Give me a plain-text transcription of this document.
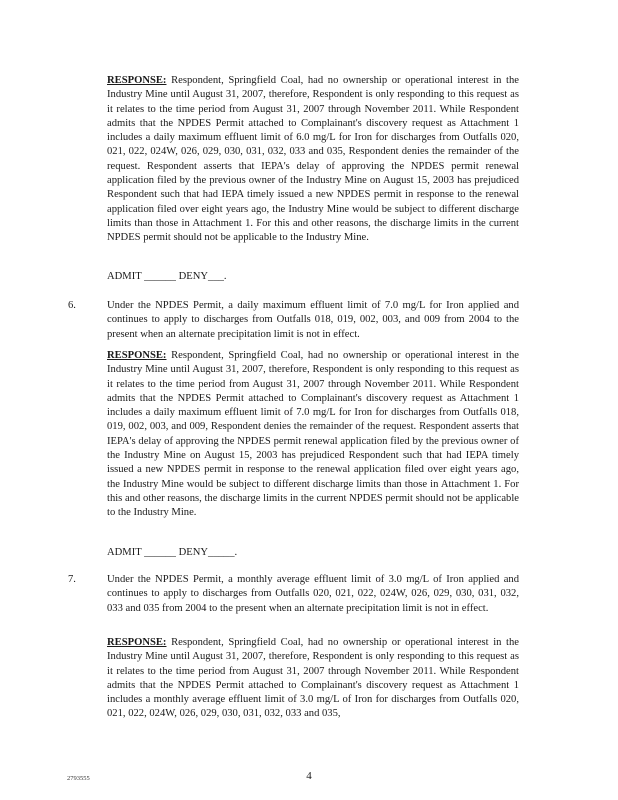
RESPONSE: Respondent, Springfield Coal, had no ownership or operational interest in the Industry Mine until August 31, 2007, therefore, Respondent is only responding to this request as it relates to the time period from August 31, 2007 through November 2011. While Respondent admits that the NPDES Permit attached to Complainant's discovery request as Attachment 1 includes a daily maximum effluent limit of 6.0 mg/L for Iron for discharges from Outfalls 020, 021, 022, 024W, 026, 029, 030, 031, 032, 033 and 035, Respondent denies the remainder of the request. Respondent asserts that IEPA's delay of approving the NPDES permit renewal application filed by the previous owner of the Industry Mine on August 15, 2003 has prejudiced Respondent such that had IEPA timely issued a new NPDES permit in response to the renewal application filed over eight years ago, the Industry Mine would be subject to different discharge limits than those in Attachment 1. For this and other reasons, the discharge limits in the current NPDES permit should not be applicable to the Industry Mine.
ADMIT ______ DENY___.
6.	Under the NPDES Permit, a daily maximum effluent limit of 7.0 mg/L for Iron applied and continues to apply to discharges from Outfalls 018, 019, 002, 003, and 009 from 2004 to the present when an alternate precipitation limit is not in effect.
RESPONSE: Respondent, Springfield Coal, had no ownership or operational interest in the Industry Mine until August 31, 2007, therefore, Respondent is only responding to this request as it relates to the time period from August 31, 2007 through November 2011. While Respondent admits that the NPDES Permit attached to Complainant's discovery request as Attachment 1 includes a daily maximum effluent limit of 7.0 mg/L for Iron for discharges from Outfalls 018, 019, 002, 003, and 009, Respondent denies the remainder of the request. Respondent asserts that IEPA's delay of approving the NPDES permit renewal application filed by the previous owner of the Industry Mine on August 15, 2003 has prejudiced Respondent such that had IEPA timely issued a new NPDES permit in response to the renewal application filed over eight years ago, the Industry Mine would be subject to different discharge limits than those in Attachment 1. For this and other reasons, the discharge limits in the current NPDES permit should not be applicable to the Industry Mine.
ADMIT ______ DENY_____.
7.	Under the NPDES Permit, a monthly average effluent limit of 3.0 mg/L of Iron applied and continues to apply to discharges from Outfalls 020, 021, 022, 024W, 026, 029, 030, 031, 032, 033 and 035 from 2004 to the present when an alternate precipitation limit is not in effect.
RESPONSE: Respondent, Springfield Coal, had no ownership or operational interest in the Industry Mine until August 31, 2007, therefore, Respondent is only responding to this request as it relates to the time period from August 31, 2007 through November 2011. While Respondent admits that the NPDES Permit attached to Complainant's discovery request as Attachment 1 includes a monthly average effluent limit of 3.0 mg/L of Iron for discharges from Outfalls 020, 021, 022, 024W, 026, 029, 030, 031, 032, 033 and 035,
2793555	4
